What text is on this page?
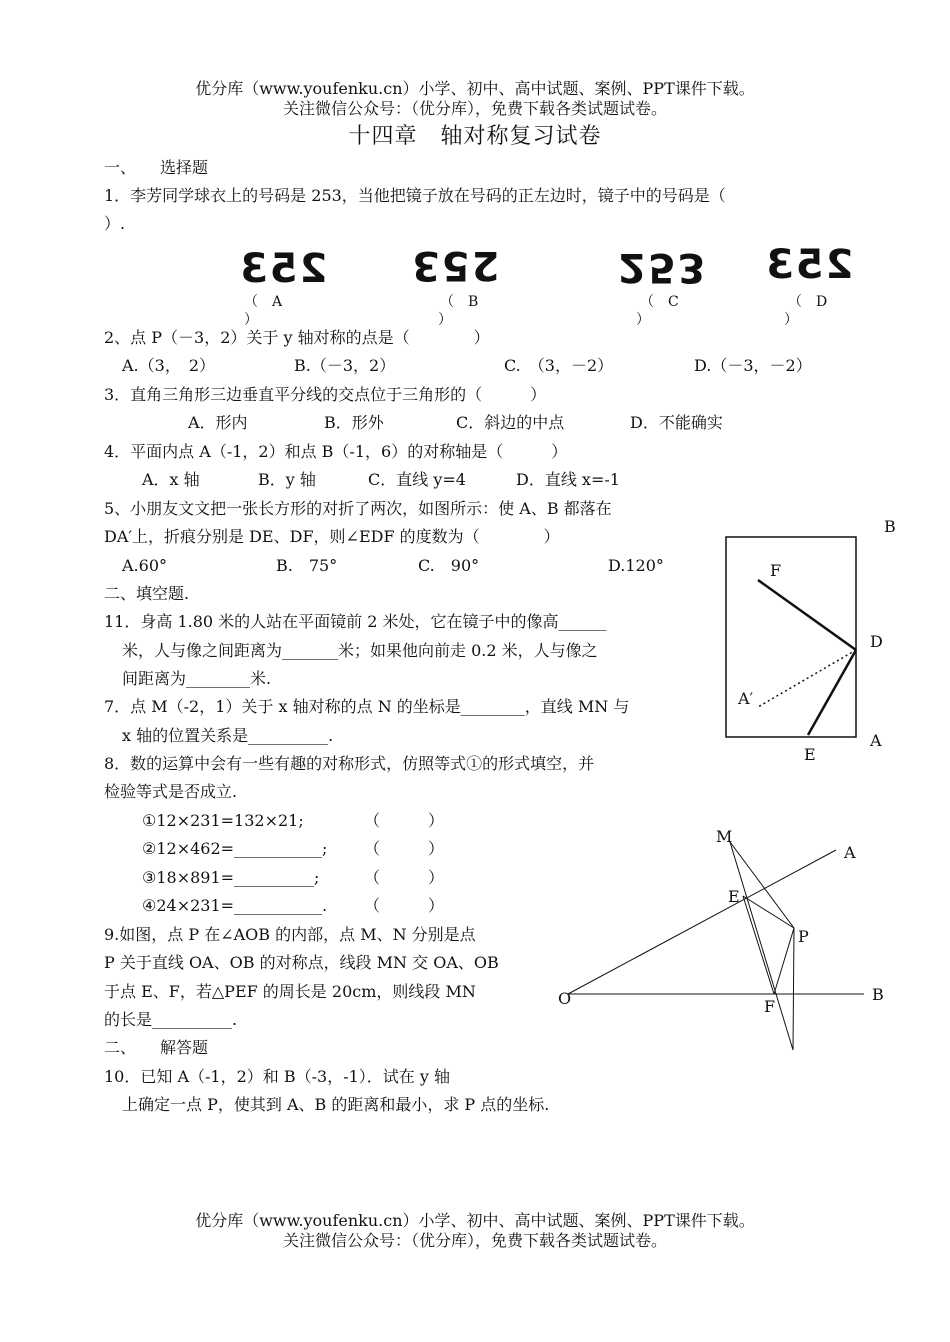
优分库（www.youfenku.cn）小学、初中、高中试题、案例、PPT课件下载。
关注微信公众号：（优分库），免费下载各类试题试卷。
十四章　轴对称复习试卷
一、　　选择题
1．李芳同学球衣上的号码是 253，当他把镜子放在号码的正左边时，镜子中的号码是（
）.
253 253	253 253
（　A	（　B	（　C	（　D
）	）	）	）
2、点 P（－3，2）关于 y 轴对称的点是（　　　　）
A.（3，　2）	B.（－3，2）	C.　（3，－2）	D.（－3，－2）
3．直角三角形三边垂直平分线的交点位于三角形的（　　　）
A．形内	B．形外	C．斜边的中点	D．不能确实
4．平面内点 A（-1，2）和点 B（-1，6）的对称轴是（　　　）
A．x 轴	B．y 轴	C．直线 y=4	D．直线 x=-1
5、小朋友文文把一张长方形的对折了两次，如图所示：使 A、B 都落在
DA′上，折痕分别是 DE、DF，则∠EDF 的度数为（　　　　）
A.60°	B.　75°	C.　90°	D.120°
B
F
D
A′
E
A
二、填空题.
11．身高 1.80 米的人站在平面镜前 2 米处，它在镜子中的像高______
米，人与像之间距离为_______米；如果他向前走 0.2 米，人与像之
间距离为________米.
7．点 M（-2，1）关于 x 轴对称的点 N 的坐标是________，直线 MN 与
x 轴的位置关系是__________.
8．数的运算中会有一些有趣的对称形式，仿照等式①的形式填空，并
检验等式是否成立.
①12×231=132×21;
②12×462=___________;
③18×891=__________;
④24×231=___________.
（　　　）
（　　　）
（　　　）
（　　　）
9.如图，点 P 在∠AOB 的内部，点 M、N 分别是点
P 关于直线 OA、OB 的对称点，线段 MN 交 OA、OB
于点 E、F，若△PEF 的周长是 20cm，则线段 MN
的长是__________.
M
A
E
P
O	B
F
二、　　解答题
10．已知 A（-1，2）和 B（-3，-1）．试在 y 轴
上确定一点 P，使其到 A、B 的距离和最小，求 P 点的坐标.
优分库（www.youfenku.cn）小学、初中、高中试题、案例、PPT课件下载。
关注微信公众号：（优分库），免费下载各类试题试卷。
